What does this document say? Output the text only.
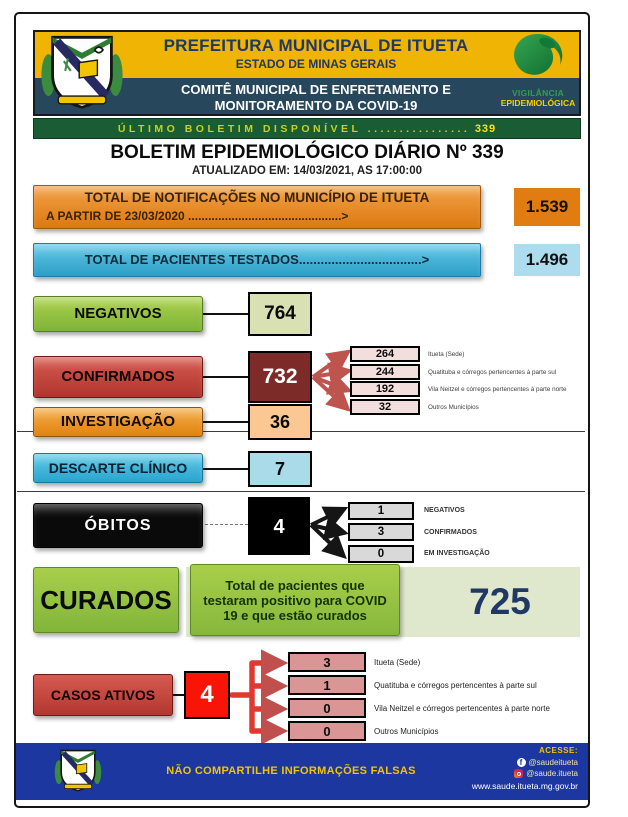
PREFEITURA MUNICIPAL DE ITUETA
ESTADO DE MINAS GERAIS
COMITÊ MUNICIPAL DE ENFRETAMENTO E
MONITORAMENTO DA COVID-19
VIGILÂNCIA
EPIDEMIOLÓGICA
ÚLTIMO BOLETIM DISPONÍVEL ................ 339
BOLETIM EPIDEMIOLÓGICO DIÁRIO Nº 339
ATUALIZADO EM: 14/03/2021, AS 17:00:00
TOTAL DE NOTIFICAÇÕES NO MUNICÍPIO DE ITUETA
A PARTIR DE 23/03/2020 ..............................................>	1.539
TOTAL DE PACIENTES TESTADOS..................................>	1.496
NEGATIVOS	764
CONFIRMADOS	732
264	Itueta (Sede)
244	Quatituba e córregos pertencentes à parte sul
192	Vila Neitzel e córregos pertencentes à parte norte
32	Outros Municípios
INVESTIGAÇÃO	36
DESCARTE CLÍNICO	7
ÓBITOS	4
1	NEGATIVOS
3	CONFIRMADOS
0	EM INVESTIGAÇÃO
CURADOS	Total de pacientes que testaram positivo para COVID 19 e que estão curados	725
CASOS ATIVOS	4
3	Itueta (Sede)
1	Quatituba e córregos pertencentes à parte sul
0	Vila Neitzel e córregos pertencentes à parte norte
0	Outros Municípios
NÃO COMPARTILHE INFORMAÇÕES FALSAS
ACESSE:
f
@saudeitueta
@saude.itueta
www.saude.itueta.mg.gov.br
